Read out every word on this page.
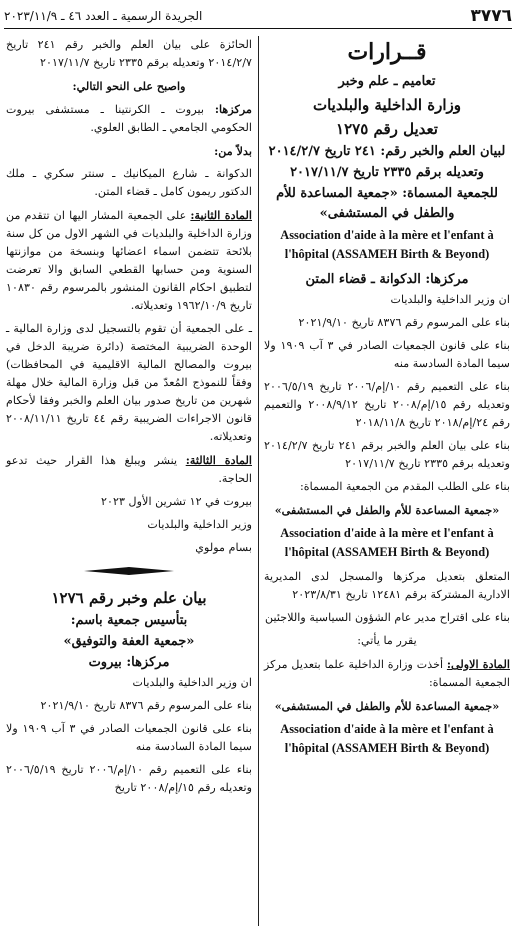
٣٧٧٦
الجريدة الرسمية ـ العدد ٤٦ ـ ٢٠٢٣/١١/٩
قــرارات
تعاميم ـ علم وخبر
وزارة الداخلية والبلديات
تعديل رقم ١٢٧٥
لبيان العلم والخبر رقم: ٢٤١ تاريخ ٢٠١٤/٢/٧
وتعديله برقم ٢٣٣٥ تاريخ ٢٠١٧/١١/٧
للجمعية المسماة: «جمعية المساعدة للأم والطفل في المستشفى»
Association d'aide à la mère et l'enfant à l'hôpital (ASSAMEH Birth & Beyond)
مركزها: الدكوانة ـ قضاء المتن

ان وزير الداخلية والبلديات

بناء على المرسوم رقم ٨٣٧٦ تاريخ ٢٠٢١/٩/١٠

بناء على قانون الجمعيات الصادر في ٣ آب ١٩٠٩ ولا سيما المادة السادسة منه

بناء على التعميم رقم ١٠/إم/٢٠٠٦ تاريخ ٢٠٠٦/٥/١٩ وتعديله رقم ١٥/إم/٢٠٠٨ تاريخ ٢٠٠٨/٩/١٢ والتعميم رقم ٢٤/إم/٢٠١٨ تاريخ ٢٠١٨/١١/٨

بناء على بيان العلم والخبر برقم ٢٤١ تاريخ ٢٠١٤/٢/٧ وتعديله برقم ٢٣٣٥ تاريخ ٢٠١٧/١١/٧

بناء على الطلب المقدم من الجمعية المسماة:

«جمعية المساعدة للأم والطفل في المستشفى»

Association d'aide à la mère et l'enfant à l'hôpital (ASSAMEH Birth & Beyond)

المتعلق بتعديل مركزها والمسجل لدى المديرية الادارية المشتركة برقم ١٢٤٨١ تاريخ ٢٠٢٣/٨/٣١

بناء على اقتراح مدير عام الشؤون السياسية واللاجئين

يقرر ما يأتي:

المادة الاولى: أخذت وزارة الداخلية علما بتعديل مركز الجمعية المسماة:

«جمعية المساعدة للأم والطفل في المستشفى»

Association d'aide à la mère et l'enfant à l'hôpital (ASSAMEH Birth & Beyond)

الحائزة على بيان العلم والخبر رقم ٢٤١ تاريخ ٢٠١٤/٢/٧ وتعديله برقم ٢٣٣٥ تاريخ ٢٠١٧/١١/٧

واصبح على النحو التالي:

مركزها: بيروت ـ الكرنتينا ـ مستشفى بيروت الحكومي الجامعي ـ الطابق العلوي.

بدلاً من:

الدكوانة ـ شارع الميكانيك ـ سنتر سكري ـ ملك الدكتور ريمون كامل ـ قضاء المتن.

المادة الثانية: على الجمعية المشار اليها ان تتقدم من وزارة الداخلية والبلديات في الشهر الاول من كل سنة بلائحة تتضمن اسماء اعضائها وبنسخة من موازنتها السنوية ومن حسابها القطعي السابق والا تعرضت لتطبيق احكام القانون المنشور بالمرسوم رقم ١٠٨٣٠ تاريخ ١٩٦٢/١٠/٩ وتعديلاته.

ـ على الجمعية أن تقوم بالتسجيل لدى وزارة المالية ـ الوحدة الضريبية المختصة (دائرة ضريبة الدخل في بيروت والمصالح المالية الاقليمية في المحافظات) وفقاً للنموذج المُعدّ من قبل وزارة المالية خلال مهلة شهرين من تاريخ صدور بيان العلم والخبر وفقا لأحكام قانون الاجراءات الضريبية رقم ٤٤ تاريخ ٢٠٠٨/١١/١١ وتعديلاته.

المادة الثالثة: ينشر ويبلغ هذا القرار حيث تدعو الحاجة.

بيروت في ١٢ تشرين الأول ٢٠٢٣

وزير الداخلية والبلديات

بسام مولوي

بيان علم وخبر رقم ١٢٧٦
بتأسيس جمعية باسم:
«جمعية العفة والتوفيق»
مركزها: بيروت

ان وزير الداخلية والبلديات

بناء على المرسوم رقم ٨٣٧٦ تاريخ ٢٠٢١/٩/١٠

بناء على قانون الجمعيات الصادر في ٣ آب ١٩٠٩ ولا سيما المادة السادسة منه

بناء على التعميم رقم ١٠/إم/٢٠٠٦ تاريخ ٢٠٠٦/٥/١٩ وتعديله رقم ١٥/إم/٢٠٠٨ تاريخ
